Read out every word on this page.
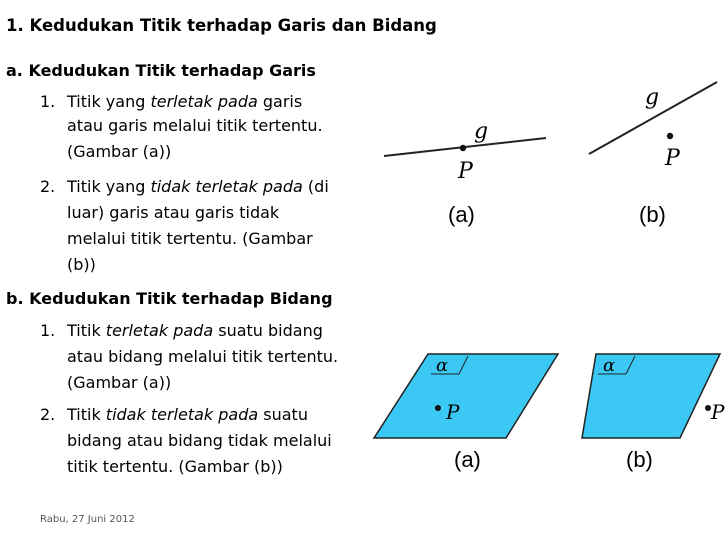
1. Kedudukan Titik terhadap Garis dan Bidang
a. Kedudukan Titik terhadap Garis
1. Titik yang terletak pada garis
atau garis melalui titik tertentu.
(Gambar (a))
2. Titik yang tidak terletak pada (di
luar) garis atau garis tidak
melalui titik tertentu. (Gambar
(b))
b. Kedudukan Titik terhadap Bidang
1. Titik terletak pada suatu bidang
atau bidang melalui titik tertentu.
(Gambar (a))
2. Titik tidak terletak pada suatu
bidang atau bidang tidak melalui
titik tertentu. (Gambar (b))
g
P
(a)
g
P
(b)
α
P
(a)
α
P
(b)
Rabu, 27 Juni 2012
